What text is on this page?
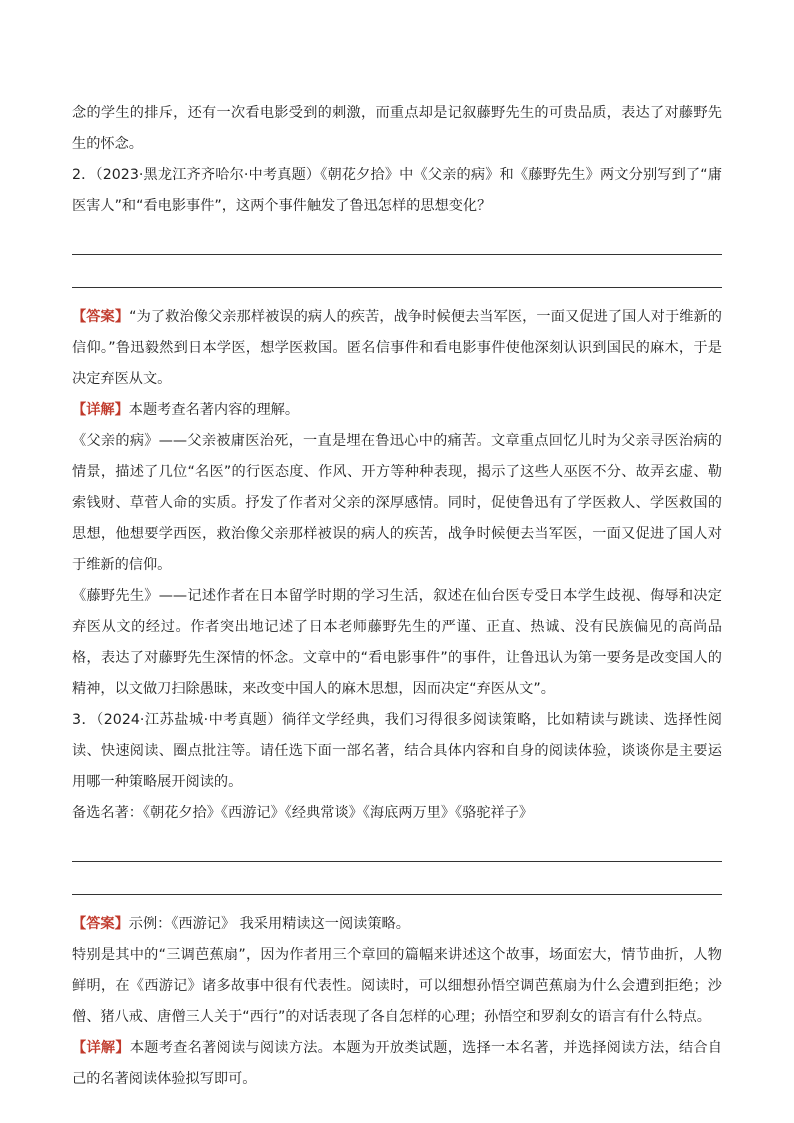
念的学生的排斥，还有一次看电影受到的刺激，而重点却是记叙藤野先生的可贵品质，表达了对藤野先生的怀念。

2．（2023·黑龙江齐齐哈尔·中考真题）《朝花夕拾》中《父亲的病》和《藤野先生》两文分别写到了“庸医害人”和“看电影事件”，这两个事件触发了鲁迅怎样的思想变化？

【答案】“为了救治像父亲那样被误的病人的疾苦，战争时候便去当军医，一面又促进了国人对于维新的信仰。”鲁迅毅然到日本学医，想学医救国。匿名信事件和看电影事件使他深刻认识到国民的麻木，于是决定弃医从文。

【详解】本题考查名著内容的理解。

《父亲的病》——父亲被庸医治死，一直是埋在鲁迅心中的痛苦。文章重点回忆儿时为父亲寻医治病的情景，描述了几位“名医”的行医态度、作风、开方等种种表现，揭示了这些人巫医不分、故弄玄虚、勒索钱财、草菅人命的实质。抒发了作者对父亲的深厚感情。同时，促使鲁迅有了学医救人、学医救国的思想，他想要学西医，救治像父亲那样被误的病人的疾苦，战争时候便去当军医，一面又促进了国人对于维新的信仰。

《藤野先生》——记述作者在日本留学时期的学习生活，叙述在仙台医专受日本学生歧视、侮辱和决定弃医从文的经过。作者突出地记述了日本老师藤野先生的严谨、正直、热诚、没有民族偏见的高尚品格，表达了对藤野先生深情的怀念。文章中的“看电影事件”的事件，让鲁迅认为第一要务是改变国人的精神，以文做刀扫除愚昧，来改变中国人的麻木思想，因而决定“弃医从文”。

3．（2024·江苏盐城·中考真题）徜徉文学经典，我们习得很多阅读策略，比如精读与跳读、选择性阅读、快速阅读、圈点批注等。请任选下面一部名著，结合具体内容和自身的阅读体验，谈谈你是主要运用哪一种策略展开阅读的。

备选名著：《朝花夕拾》《西游记》《经典常谈》《海底两万里》《骆驼祥子》

【答案】示例：《西游记》 我采用精读这一阅读策略。

特别是其中的“三调芭蕉扇”，因为作者用三个章回的篇幅来讲述这个故事，场面宏大，情节曲折，人物鲜明，在《西游记》诸多故事中很有代表性。阅读时，可以细想孙悟空调芭蕉扇为什么会遭到拒绝；沙僧、猪八戒、唐僧三人关于“西行”的对话表现了各自怎样的心理；孙悟空和罗刹女的语言有什么特点。

【详解】本题考查名著阅读与阅读方法。本题为开放类试题，选择一本名著，并选择阅读方法，结合自己的名著阅读体验拟写即可。
